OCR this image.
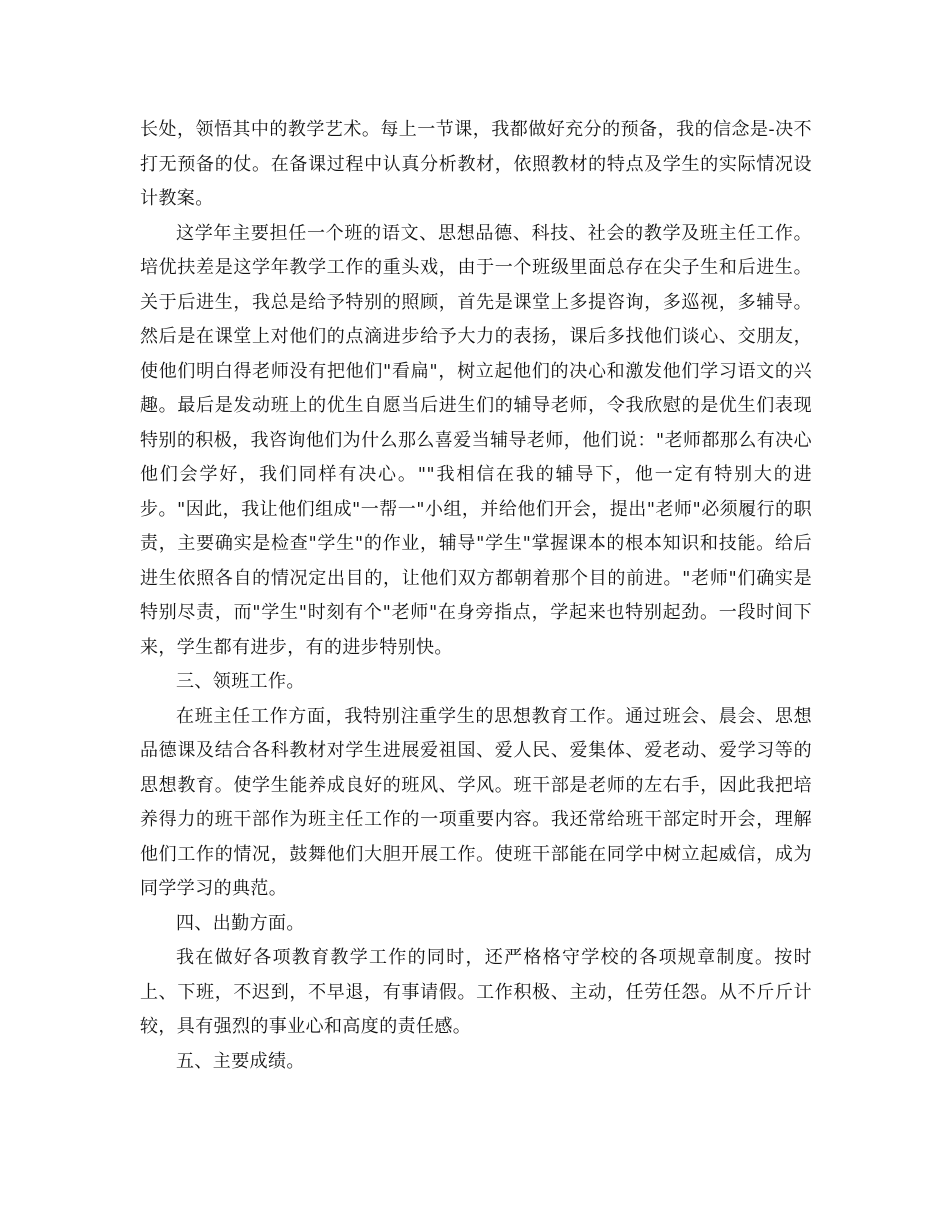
长处，领悟其中的教学艺术。每上一节课，我都做好充分的预备，我的信念是-决不打无预备的仗。在备课过程中认真分析教材，依照教材的特点及学生的实际情况设计教案。

这学年主要担任一个班的语文、思想品德、科技、社会的教学及班主任工作。培优扶差是这学年教学工作的重头戏，由于一个班级里面总存在尖子生和后进生。关于后进生，我总是给予特别的照顾，首先是课堂上多提咨询，多巡视，多辅导。然后是在课堂上对他们的点滴进步给予大力的表扬，课后多找他们谈心、交朋友，使他们明白得老师没有把他们"看扁"，树立起他们的决心和激发他们学习语文的兴趣。最后是发动班上的优生自愿当后进生们的辅导老师，令我欣慰的是优生们表现特别的积极，我咨询他们为什么那么喜爱当辅导老师，他们说："老师都那么有决心他们会学好，我们同样有决心。""我相信在我的辅导下，他一定有特别大的进步。"因此，我让他们组成"一帮一"小组，并给他们开会，提出"老师"必须履行的职责，主要确实是检查"学生"的作业，辅导"学生"掌握课本的根本知识和技能。给后进生依照各自的情况定出目的，让他们双方都朝着那个目的前进。"老师"们确实是特别尽责，而"学生"时刻有个"老师"在身旁指点，学起来也特别起劲。一段时间下来，学生都有进步，有的进步特别快。

三、领班工作。

在班主任工作方面，我特别注重学生的思想教育工作。通过班会、晨会、思想品德课及结合各科教材对学生进展爱祖国、爱人民、爱集体、爱老动、爱学习等的思想教育。使学生能养成良好的班风、学风。班干部是老师的左右手，因此我把培养得力的班干部作为班主任工作的一项重要内容。我还常给班干部定时开会，理解他们工作的情况，鼓舞他们大胆开展工作。使班干部能在同学中树立起威信，成为同学学习的典范。

四、出勤方面。

我在做好各项教育教学工作的同时，还严格格守学校的各项规章制度。按时上、下班，不迟到，不早退，有事请假。工作积极、主动，任劳任怨。从不斤斤计较，具有强烈的事业心和高度的责任感。

五、主要成绩。
